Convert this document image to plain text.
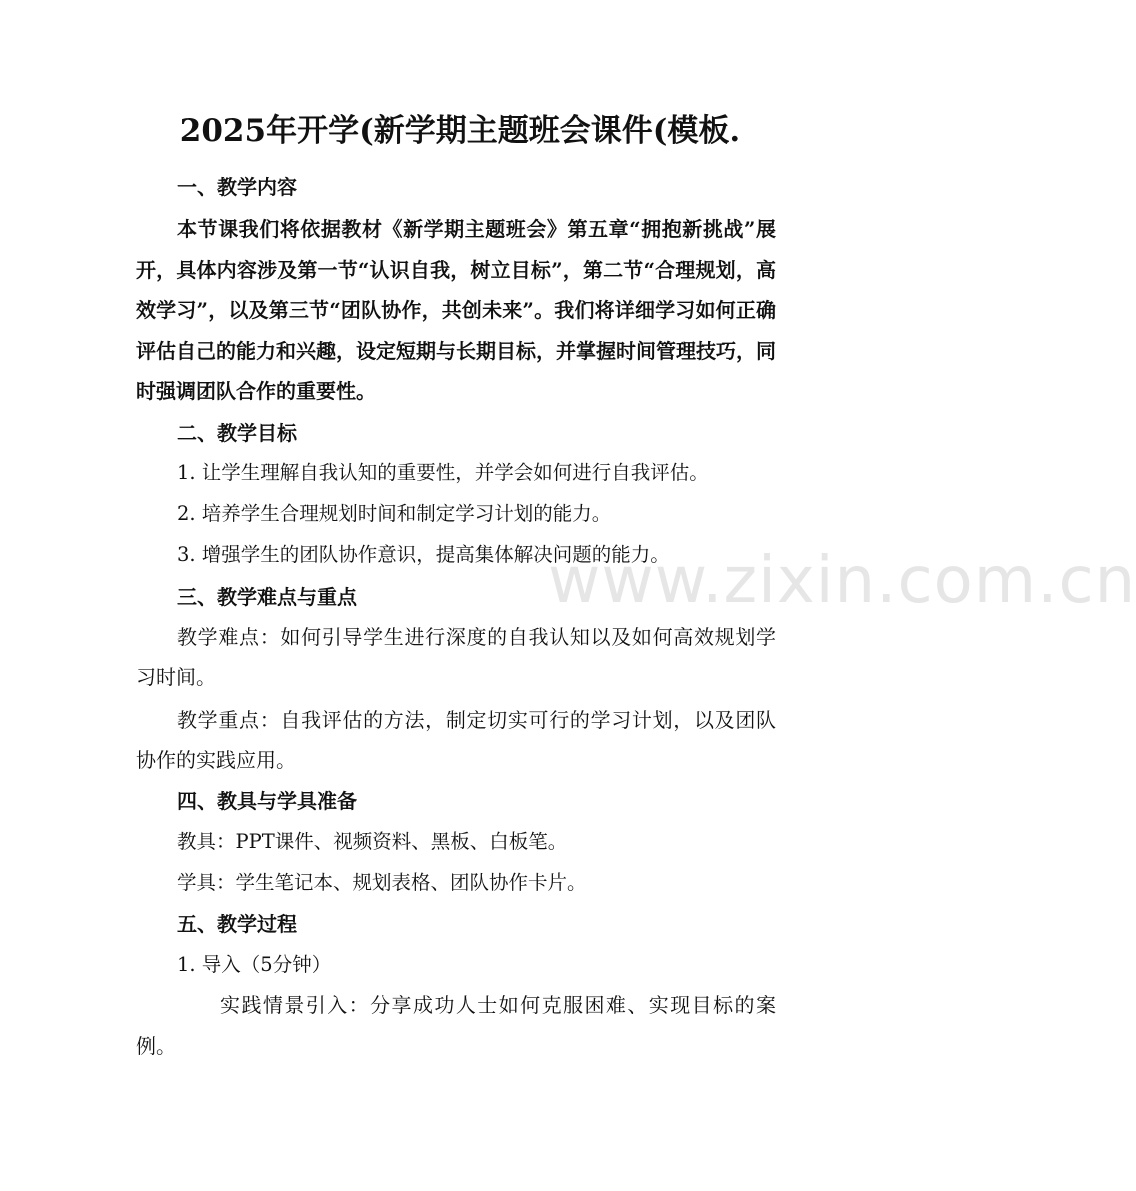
www.zixin.com.cn
2025年开学(新学期主题班会课件(模板.
一、教学内容
本节课我们将依据教材《新学期主题班会》第五章“拥抱新挑战”展开，具体内容涉及第一节“认识自我，树立目标”，第二节“合理规划，高效学习”，以及第三节“团队协作，共创未来”。我们将详细学习如何正确评估自己的能力和兴趣，设定短期与长期目标，并掌握时间管理技巧，同时强调团队合作的重要性。
二、教学目标
1. 让学生理解自我认知的重要性，并学会如何进行自我评估。
2. 培养学生合理规划时间和制定学习计划的能力。
3. 增强学生的团队协作意识，提高集体解决问题的能力。
三、教学难点与重点
教学难点：如何引导学生进行深度的自我认知以及如何高效规划学习时间。
教学重点：自我评估的方法，制定切实可行的学习计划，以及团队协作的实践应用。
四、教具与学具准备
教具：PPT课件、视频资料、黑板、白板笔。
学具：学生笔记本、规划表格、团队协作卡片。
五、教学过程
1. 导入（5分钟）
实践情景引入：分享成功人士如何克服困难、实现目标的案例。
